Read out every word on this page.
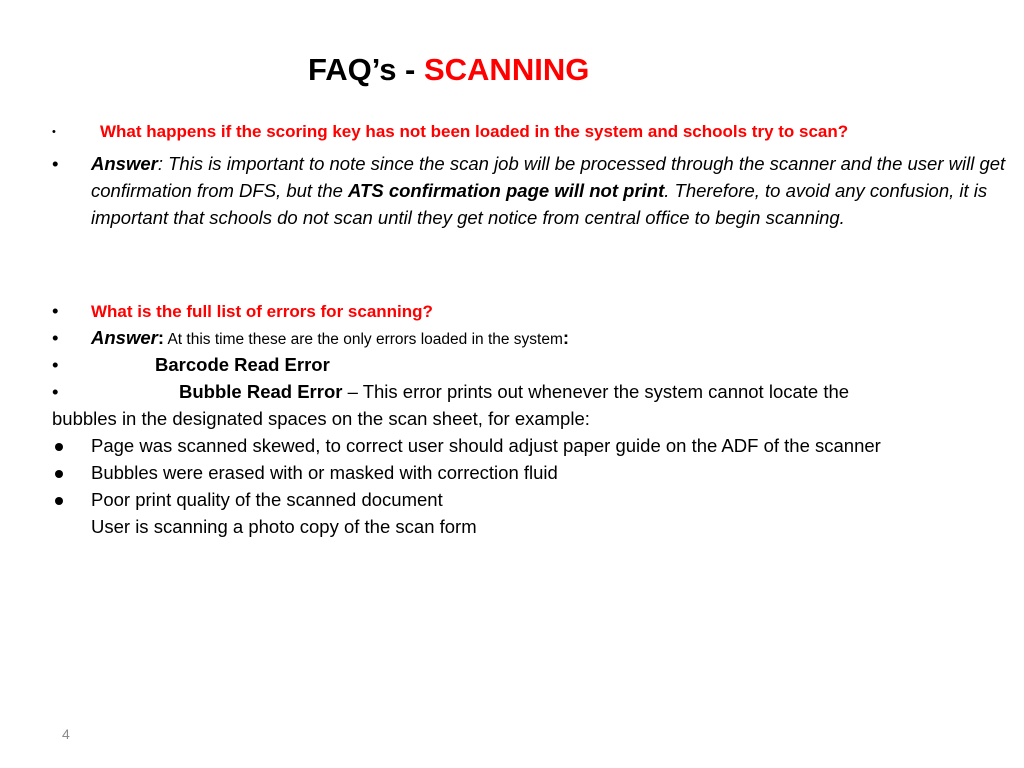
FAQ’s - SCANNING
•	What happens if the scoring key has not been loaded in the system and schools try to scan?
• Answer: This is important to note since the scan job will be processed through the scanner and the user will get confirmation from DFS, but the ATS confirmation page will not print. Therefore, to avoid any confusion, it is important that schools do not scan until they get notice from central office to begin scanning.
• What is the full list of errors for scanning?
• Answer: At this time these are the only errors loaded in the system:
•	Barcode Read Error
•	Bubble Read Error – This error prints out whenever the system cannot locate the
bubbles in the designated spaces on the scan sheet, for example:
Page was scanned skewed, to correct user should adjust paper guide on the ADF of the scanner
Bubbles were erased with or masked with correction fluid
Poor print quality of the scanned document
User is scanning a photo copy of the scan form
4
